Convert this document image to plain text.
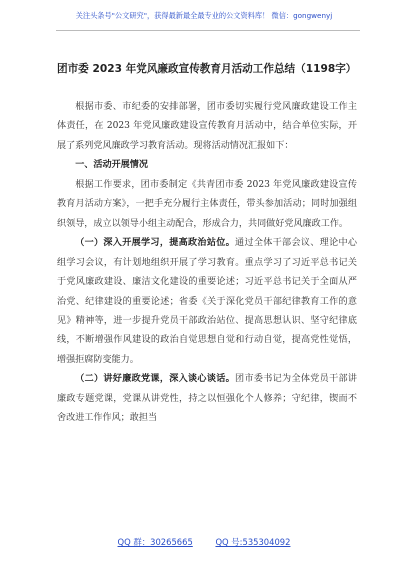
关注头条号"公文研究"，获得最新最全最专业的公文资料库！ 微信：gongwenyj
团市委 2023 年党风廉政宣传教育月活动工作总结（1198字）

根据市委、市纪委的安排部署，团市委切实履行党风廉政建设工作主体责任，在 2023 年党风廉政建设宣传教育月活动中，结合单位实际，开展了系列党风廉政学习教育活动。现将活动情况汇报如下：

一、活动开展情况

根据工作要求，团市委制定《共青团市委 2023 年党风廉政建设宣传教育月活动方案》，一把手充分履行主体责任，带头参加活动；同时加强组织领导，成立以领导小组主动配合，形成合力，共同做好党风廉政工作。

（一）深入开展学习，提高政治站位。通过全体干部会议、理论中心组学习会议，有计划地组织开展了学习教育。重点学习了习近平总书记关于党风廉政建设、廉洁文化建设的重要论述；习近平总书记关于全面从严治党、纪律建设的重要论述；省委《关于深化党员干部纪律教育工作的意见》精神等，进一步提升党员干部政治站位、提高思想认识、坚守纪律底线，不断增强作风建设的政治自觉思想自觉和行动自觉，提高党性觉悟，增强拒腐防变能力。

（二）讲好廉政党课，深入谈心谈话。团市委书记为全体党员干部讲廉政专题党课，党课从讲党性，持之以恒强化个人修养；守纪律，锲而不舍改进工作作风；敢担当

QQ 群：30265665	QQ 号:535304092
